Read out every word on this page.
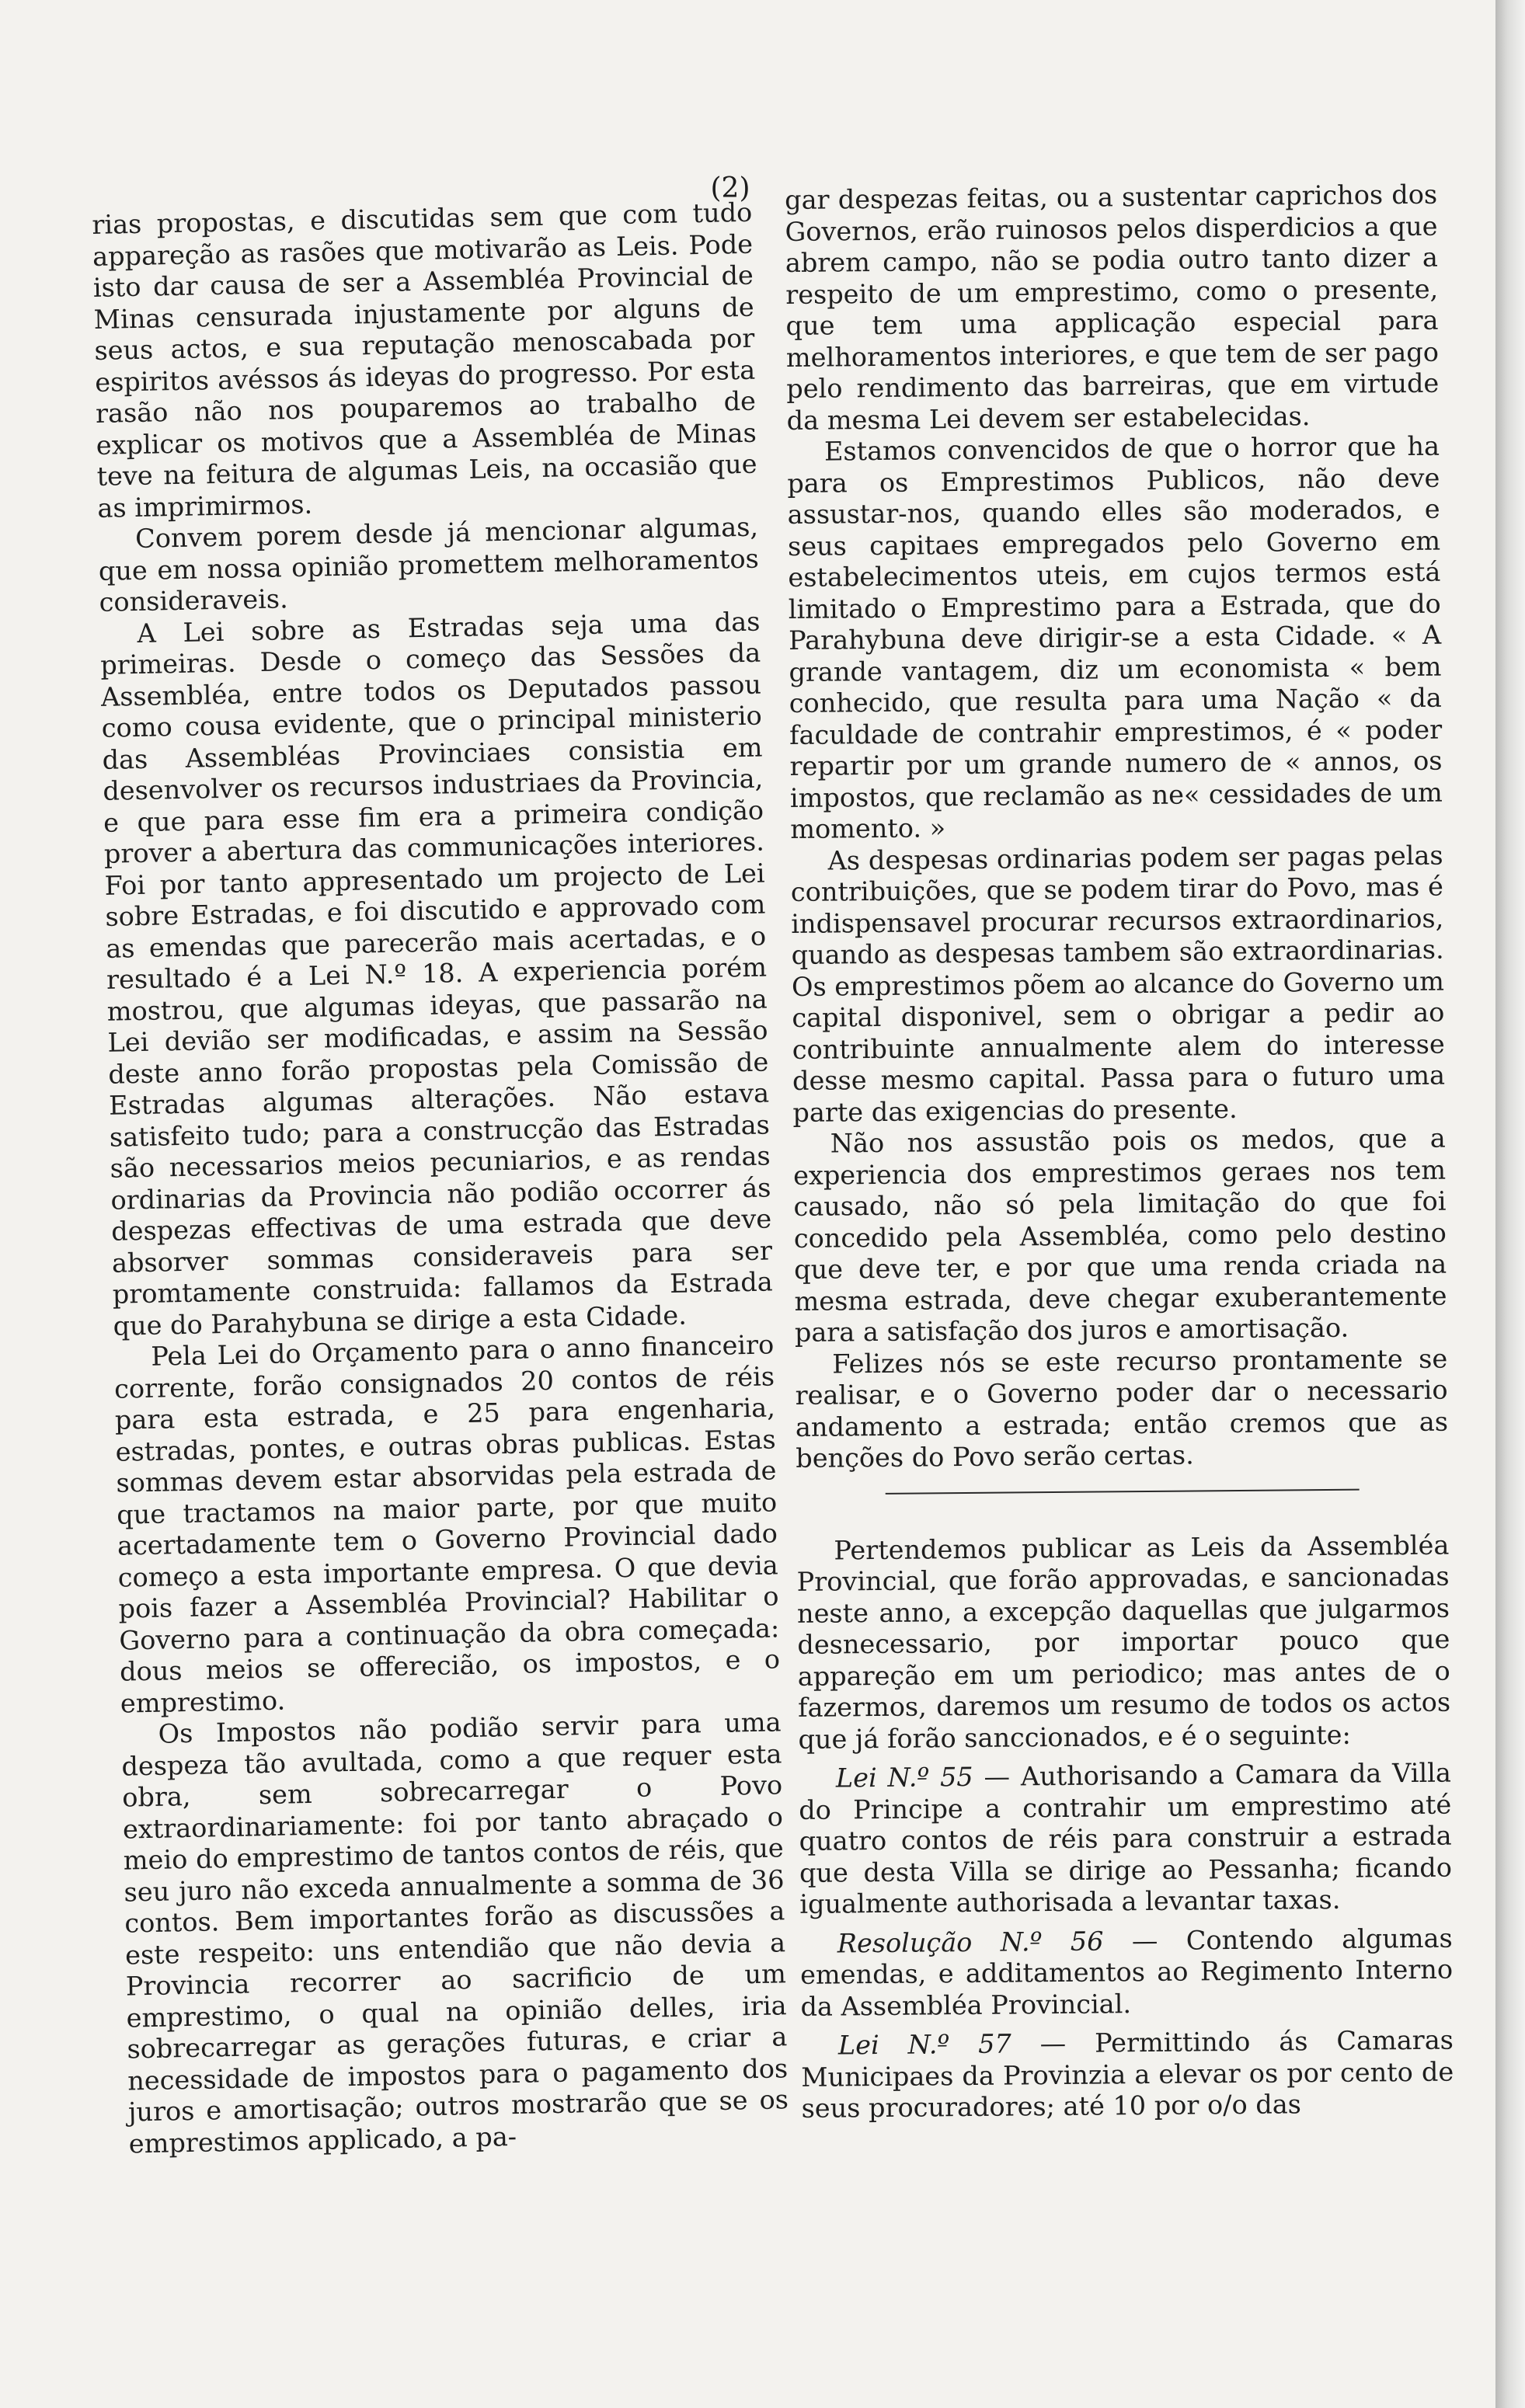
(2)

rias propostas, e discutidas sem que com tudo appareção as rasões que motivarão as Leis. Pode isto dar causa de ser a Assembléa Provincial de Minas censurada injustamente por alguns de seus actos, e sua reputação menoscabada por espiritos avéssos ás ideyas do progresso. Por esta rasão não nos pouparemos ao trabalho de explicar os motivos que a Assembléa de Minas teve na feitura de algumas Leis, na occasião que as imprimirmos.

Convem porem desde já mencionar algumas, que em nossa opinião promettem melhoramentos consideraveis.

A Lei sobre as Estradas seja uma das primeiras. Desde o começo das Sessões da Assembléa, entre todos os Deputados passou como cousa evidente, que o principal ministerio das Assembléas Provinciaes consistia em desenvolver os recursos industriaes da Provincia, e que para esse fim era a primeira condição prover a abertura das communicações interiores. Foi por tanto appresentado um projecto de Lei sobre Estradas, e foi discutido e approvado com as emendas que parecerão mais acertadas, e o resultado é a Lei N.º 18. A experiencia porém mostrou, que algumas ideyas, que passarão na Lei devião ser modificadas, e assim na Sessão deste anno forão propostas pela Comissão de Estradas algumas alterações. Não estava satisfeito tudo; para a construcção das Estradas são necessarios meios pecuniarios, e as rendas ordinarias da Provincia não podião occorrer ás despezas effectivas de uma estrada que deve absorver sommas consideraveis para ser promtamente construida: fallamos da Estrada que do Parahybuna se dirige a esta Cidade.

Pela Lei do Orçamento para o anno financeiro corrente, forão consignados 20 contos de réis para esta estrada, e 25 para engenharia, estradas, pontes, e outras obras publicas. Estas sommas devem estar absorvidas pela estrada de que tractamos na maior parte, por que muito acertadamente tem o Governo Provincial dado começo a esta importante empresa. O que devia pois fazer a Assembléa Provincial? Habilitar o Governo para a continuação da obra começada: dous meios se offerecião, os impostos, e o emprestimo.

Os Impostos não podião servir para uma despeza tão avultada, como a que requer esta obra, sem sobrecarregar o Povo extraordinariamente: foi por tanto abraçado o meio do emprestimo de tantos contos de réis, que seu juro não exceda annualmente a somma de 36 contos. Bem importantes forão as discussões a este respeito: uns entendião que não devia a Provincia recorrer ao sacrificio de um emprestimo, o qual na opinião delles, iria sobrecarregar as gerações futuras, e criar a necessidade de impostos para o pagamento dos juros e amortisação; outros mostrarão que se os emprestimos applicado, a pa-

gar despezas feitas, ou a sustentar caprichos dos Governos, erão ruinosos pelos disperdicios a que abrem campo, não se podia outro tanto dizer a respeito de um emprestimo, como o presente, que tem uma applicação especial para melhoramentos interiores, e que tem de ser pago pelo rendimento das barreiras, que em virtude da mesma Lei devem ser estabelecidas.

Estamos convencidos de que o horror que ha para os Emprestimos Publicos, não deve assustar-nos, quando elles são moderados, e seus capitaes empregados pelo Governo em estabelecimentos uteis, em cujos termos está limitado o Emprestimo para a Estrada, que do Parahybuna deve dirigir-se a esta Cidade. « A grande vantagem, diz um economista « bem conhecido, que resulta para uma Nação « da faculdade de contrahir emprestimos, é « poder repartir por um grande numero de « annos, os impostos, que reclamão as ne« cessidades de um momento. »

As despesas ordinarias podem ser pagas pelas contribuições, que se podem tirar do Povo, mas é indispensavel procurar recursos extraordinarios, quando as despesas tambem são extraordinarias. Os emprestimos põem ao alcance do Governo um capital disponivel, sem o obrigar a pedir ao contribuinte annualmente alem do interesse desse mesmo capital. Passa para o futuro uma parte das exigencias do presente.

Não nos assustão pois os medos, que a experiencia dos emprestimos geraes nos tem causado, não só pela limitação do que foi concedido pela Assembléa, como pelo destino que deve ter, e por que uma renda criada na mesma estrada, deve chegar exuberantemente para a satisfação dos juros e amortisação.

Felizes nós se este recurso prontamente se realisar, e o Governo poder dar o necessario andamento a estrada; então cremos que as benções do Povo serão certas.

Pertendemos publicar as Leis da Assembléa Provincial, que forão approvadas, e sancionadas neste anno, a excepção daquellas que julgarmos desnecessario, por importar pouco que appareção em um periodico; mas antes de o fazermos, daremos um resumo de todos os actos que já forão sanccionados, e é o seguinte:

Lei N.º 55 — Authorisando a Camara da Villa do Principe a contrahir um emprestimo até quatro contos de réis para construir a estrada que desta Villa se dirige ao Pessanha; ficando igualmente authorisada a levantar taxas.

Resolução N.º 56 — Contendo algumas emendas, e additamentos ao Regimento Interno da Assembléa Provincial.

Lei N.º 57 — Permittindo ás Camaras Municipaes da Provinzia a elevar os por cento de seus procuradores; até 10 por o/o das
